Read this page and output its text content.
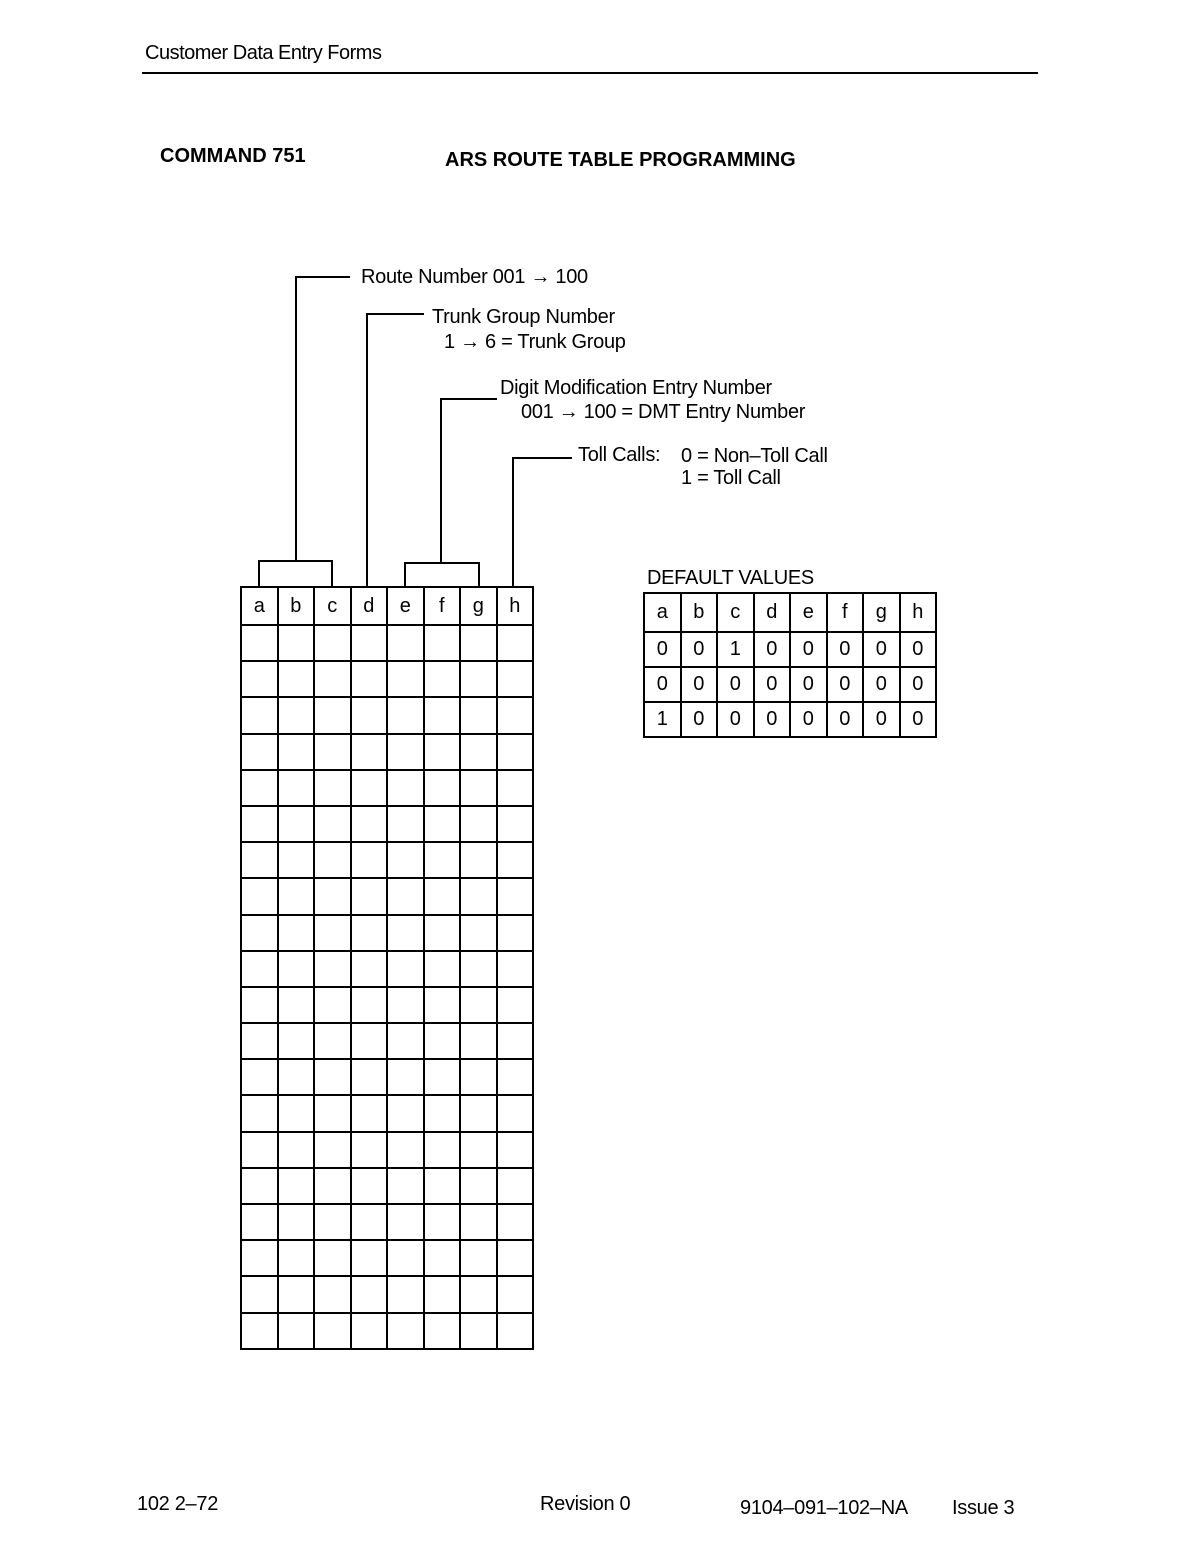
Customer Data Entry Forms
COMMAND 751	ARS ROUTE TABLE PROGRAMMING
Route Number 001 → 100
Trunk Group Number
1 → 6 = Trunk Group
Digit Modification Entry Number
001 → 100 = DMT Entry Number
Toll Calls: 0 = Non–Toll Call
1 = Toll Call
a	b	c	d	e	f	g	h

DEFAULT VALUES
a	b	c	d	e	f	g	h
0	0	1	0	0	0	0	0
0	0	0	0	0	0	0	0
1	0	0	0	0	0	0	0
102 2–72	Revision 0	9104–091–102–NA Issue 3
